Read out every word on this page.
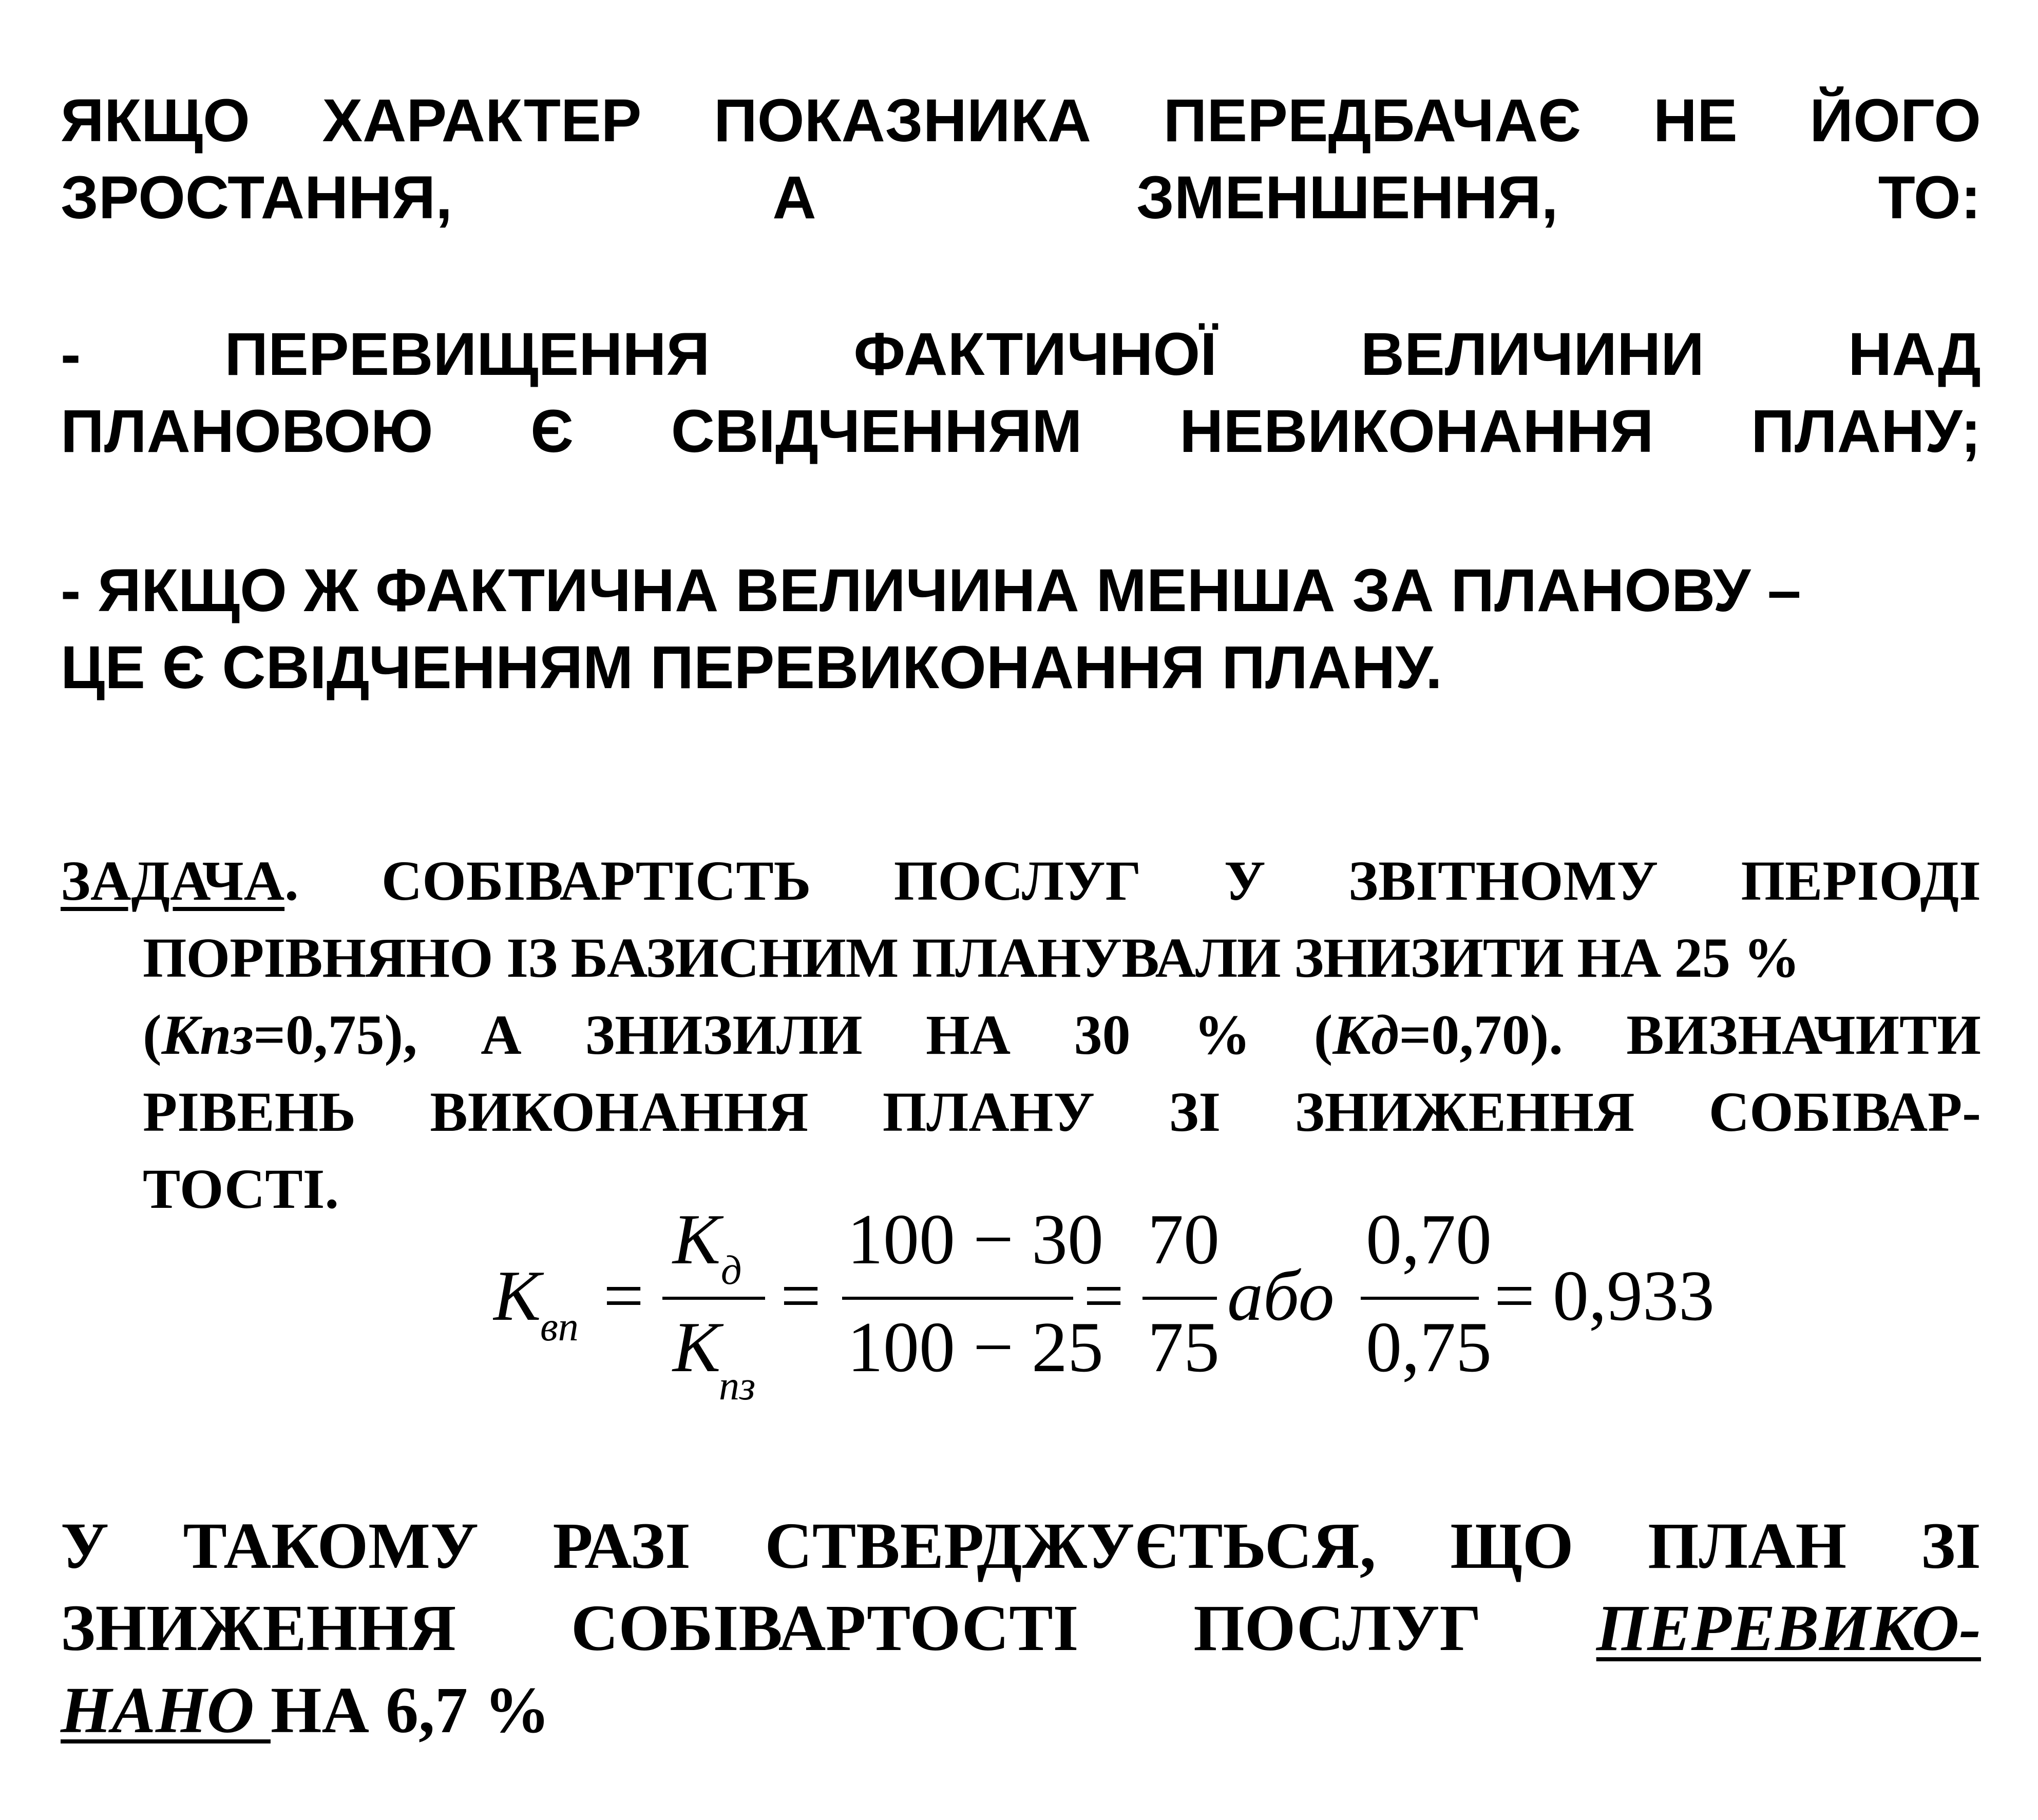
ЯКЩО ХАРАКТЕР ПОКАЗНИКА ПЕРЕДБАЧАЄ НЕ ЙОГО
ЗРОСТАННЯ,	А	ЗМЕНШЕННЯ,	ТО:
- ПЕРЕВИЩЕННЯ ФАКТИЧНОЇ ВЕЛИЧИНИ НАД
ПЛАНОВОЮ Є СВІДЧЕННЯМ НЕВИКОНАННЯ ПЛАНУ;
- ЯКЩО Ж ФАКТИЧНА ВЕЛИЧИНА МЕНША ЗА ПЛАНОВУ –
ЦЕ Є СВІДЧЕННЯМ ПЕРЕВИКОНАННЯ ПЛАНУ.
ЗАДАЧА. СОБІВАРТІСТЬ ПОСЛУГ У ЗВІТНОМУ ПЕРІОДІ
ПОРІВНЯНО ІЗ БАЗИСНИМ ПЛАНУВАЛИ ЗНИЗИТИ НА 25 %
(Кпз=0,75), А ЗНИЗИЛИ НА 30 % (Кд=0,70). ВИЗНАЧИТИ
РІВЕНЬ ВИКОНАННЯ ПЛАНУ ЗІ ЗНИЖЕННЯ СОБІВАР-
ТОСТІ.
К вп =
К д
К
пз
=
100 − 30
100 − 25
=
70
75
або
0,70
0,75
= 0,933
У ТАКОМУ РАЗІ СТВЕРДЖУЄТЬСЯ, ЩО ПЛАН ЗІ
ЗНИЖЕННЯ СОБІВАРТОСТІ ПОСЛУГ ПЕРЕВИКО-
НАНО НА 6,7 %
